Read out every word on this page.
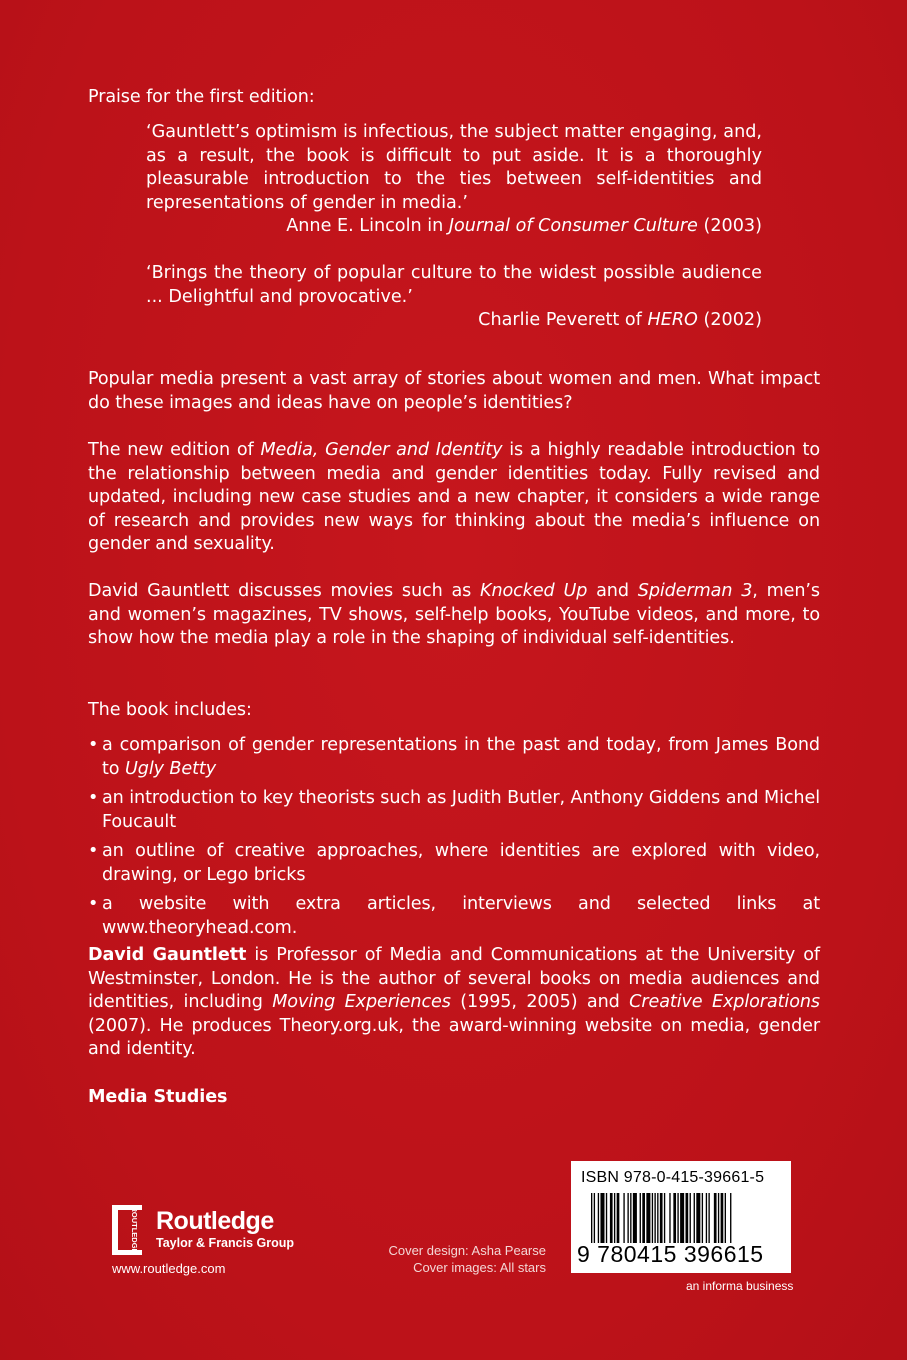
Praise for the first edition:
‘Gauntlett’s optimism is infectious, the subject matter engaging, and, as a result, the book is difficult to put aside. It is a thoroughly pleasurable introduction to the ties between self-identities and representations of gender in media.’
Anne E. Lincoln in Journal of Consumer Culture (2003)
‘Brings the theory of popular culture to the widest possible audience ... Delightful and provocative.’
Charlie Peverett of HERO (2002)
Popular media present a vast array of stories about women and men. What impact do these images and ideas have on people’s identities?
The new edition of Media, Gender and Identity is a highly readable introduction to the relationship between media and gender identities today. Fully revised and updated, including new case studies and a new chapter, it considers a wide range of research and provides new ways for thinking about the media’s influence on gender and sexuality.
David Gauntlett discusses movies such as Knocked Up and Spiderman 3, men’s and women’s magazines, TV shows, self-help books, YouTube videos, and more, to show how the media play a role in the shaping of individual self-identities.
The book includes:
• a comparison of gender representations in the past and today, from James Bond to Ugly Betty
• an introduction to key theorists such as Judith Butler, Anthony Giddens and Michel Foucault
• an outline of creative approaches, where identities are explored with video, drawing, or Lego bricks
• a website with extra articles, interviews and selected links at www.theoryhead.com.
David Gauntlett is Professor of Media and Communications at the University of Westminster, London. He is the author of several books on media audiences and identities, including Moving Experiences (1995, 2005) and Creative Explorations (2007). He produces Theory.org.uk, the award-winning website on media, gender and identity.
Media Studies
ROUTLEDGE Routledge
Taylor & Francis Group
www.routledge.com
Cover design: Asha Pearse
Cover images: All stars
ISBN 978-0-415-39661-5
9 780415 396615
an informa business
